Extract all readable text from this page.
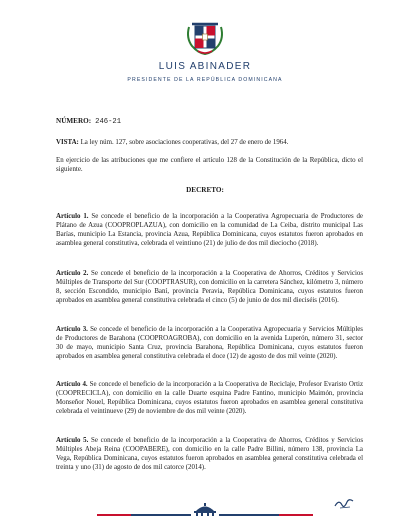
LUIS ABINADER
PRESIDENTE DE LA REPÚBLICA DOMINICANA
NÚMERO: 246-21

VISTA: La ley núm. 127, sobre asociaciones cooperativas, del 27 de enero de 1964.

En ejercicio de las atribuciones que me confiere el artículo 128 de la Constitución de la República, dicto el siguiente.

DECRETO:

Artículo 1. Se concede el beneficio de la incorporación a la Cooperativa Agropecuaria de Productores de Plátano de Azua (COOPROPLAZUA), con domicilio en la comunidad de La Ceiba, distrito municipal Las Barías, municipio La Estancia, provincia Azua, República Dominicana, cuyos estatutos fueron aprobados en asamblea general constitutiva, celebrada el veintiuno (21) de julio de dos mil dieciocho (2018).

Artículo 2. Se concede el beneficio de la incorporación a la Cooperativa de Ahorros, Créditos y Servicios Múltiples de Transporte del Sur (COOPTRASUR), con domicilio en la carretera Sánchez, kilómetro 3, número 8, sección Escondido, municipio Baní, provincia Peravia, República Dominicana, cuyos estatutos fueron aprobados en asamblea general constitutiva celebrada el cinco (5) de junio de dos mil dieciséis (2016).

Artículo 3. Se concede el beneficio de la incorporación a la Cooperativa Agropecuaria y Servicios Múltiples de Productores de Barahona (COOPROAGROBA), con domicilio en la avenida Luperón, número 31, sector 30 de mayo, municipio Santa Cruz, provincia Barahona, República Dominicana, cuyos estatutos fueron aprobados en asamblea general constitutiva celebrada el doce (12) de agosto de dos mil veinte (2020).

Artículo 4. Se concede el beneficio de la incorporación a la Cooperativa de Reciclaje, Profesor Evaristo Ortiz (COOPRECICLA), con domicilio en la calle Duarte esquina Padre Fantino, municipio Maimón, provincia Monseñor Nouel, República Dominicana, cuyos estatutos fueron aprobados en asamblea general constitutiva celebrada el veintinueve (29) de noviembre de dos mil veinte (2020).

Artículo 5. Se concede el beneficio de la incorporación a la Cooperativa de Ahorros, Créditos y Servicios Múltiples Abeja Reina (COOPABERE), con domicilio en la calle Padre Billini, número 138, provincia La Vega, República Dominicana, cuyos estatutos fueron aprobados en asamblea general constitutiva celebrada el treinta y uno (31) de agosto de dos mil catorce (2014).
